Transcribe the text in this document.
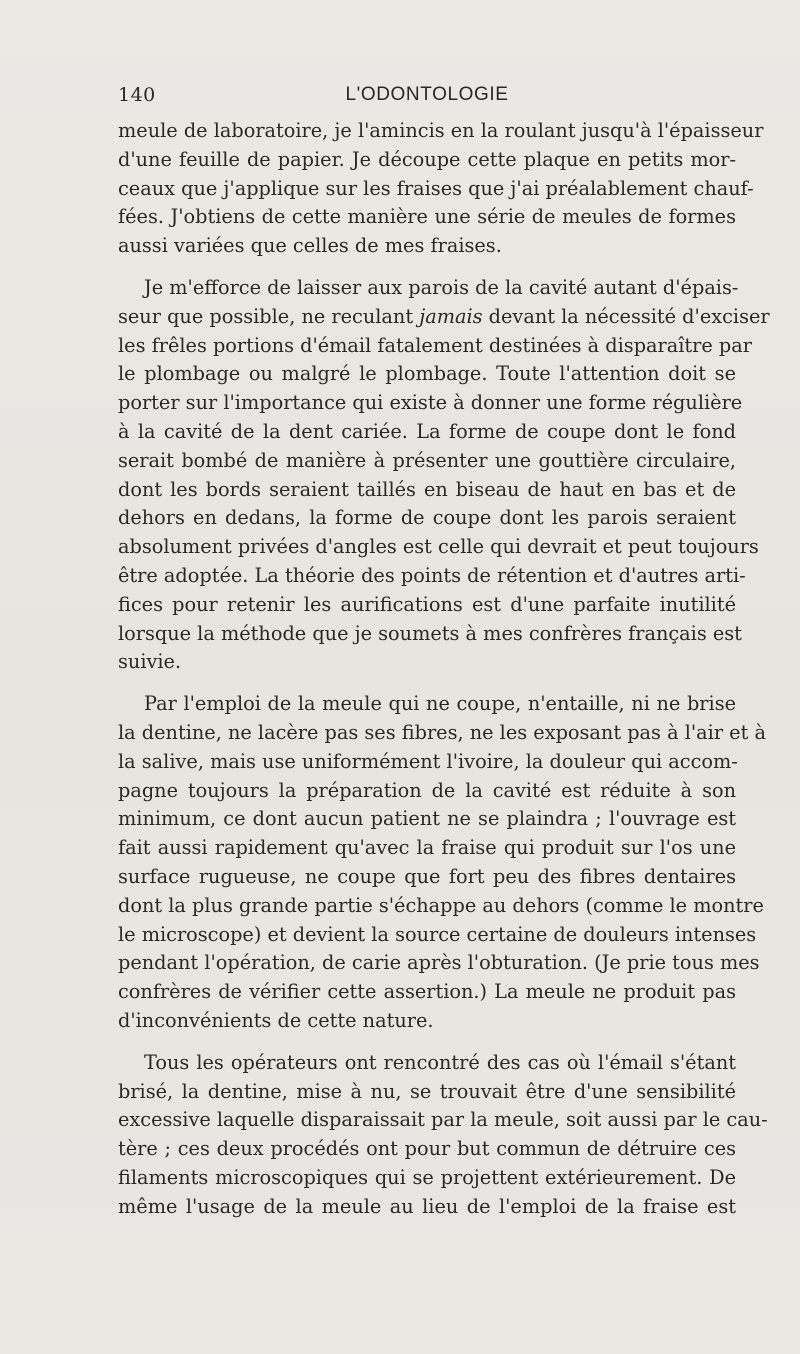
140	L'ODONTOLOGIE
meule de laboratoire, je l'amincis en la roulant jusqu'à l'épaisseur
d'une feuille de papier. Je découpe cette plaque en petits mor-
ceaux que j'applique sur les fraises que j'ai préalablement chauf-
fées. J'obtiens de cette manière une série de meules de formes
aussi variées que celles de mes fraises.
Je m'efforce de laisser aux parois de la cavité autant d'épais-
seur que possible, ne reculant jamais devant la nécessité d'exciser
les frêles portions d'émail fatalement destinées à disparaître par
le plombage ou malgré le plombage. Toute l'attention doit se
porter sur l'importance qui existe à donner une forme régulière
à la cavité de la dent cariée. La forme de coupe dont le fond
serait bombé de manière à présenter une gouttière circulaire,
dont les bords seraient taillés en biseau de haut en bas et de
dehors en dedans, la forme de coupe dont les parois seraient
absolument privées d'angles est celle qui devrait et peut toujours
être adoptée. La théorie des points de rétention et d'autres arti-
fices pour retenir les aurifications est d'une parfaite inutilité
lorsque la méthode que je soumets à mes confrères français est
suivie.
Par l'emploi de la meule qui ne coupe, n'entaille, ni ne brise
la dentine, ne lacère pas ses fibres, ne les exposant pas à l'air et à
la salive, mais use uniformément l'ivoire, la douleur qui accom-
pagne toujours la préparation de la cavité est réduite à son
minimum, ce dont aucun patient ne se plaindra ; l'ouvrage est
fait aussi rapidement qu'avec la fraise qui produit sur l'os une
surface rugueuse, ne coupe que fort peu des fibres dentaires
dont la plus grande partie s'échappe au dehors (comme le montre
le microscope) et devient la source certaine de douleurs intenses
pendant l'opération, de carie après l'obturation. (Je prie tous mes
confrères de vérifier cette assertion.) La meule ne produit pas
d'inconvénients de cette nature.
Tous les opérateurs ont rencontré des cas où l'émail s'étant
brisé, la dentine, mise à nu, se trouvait être d'une sensibilité
excessive laquelle disparaissait par la meule, soit aussi par le cau-
tère ; ces deux procédés ont pour but commun de détruire ces
filaments microscopiques qui se projettent extérieurement. De
même l'usage de la meule au lieu de l'emploi de la fraise est
